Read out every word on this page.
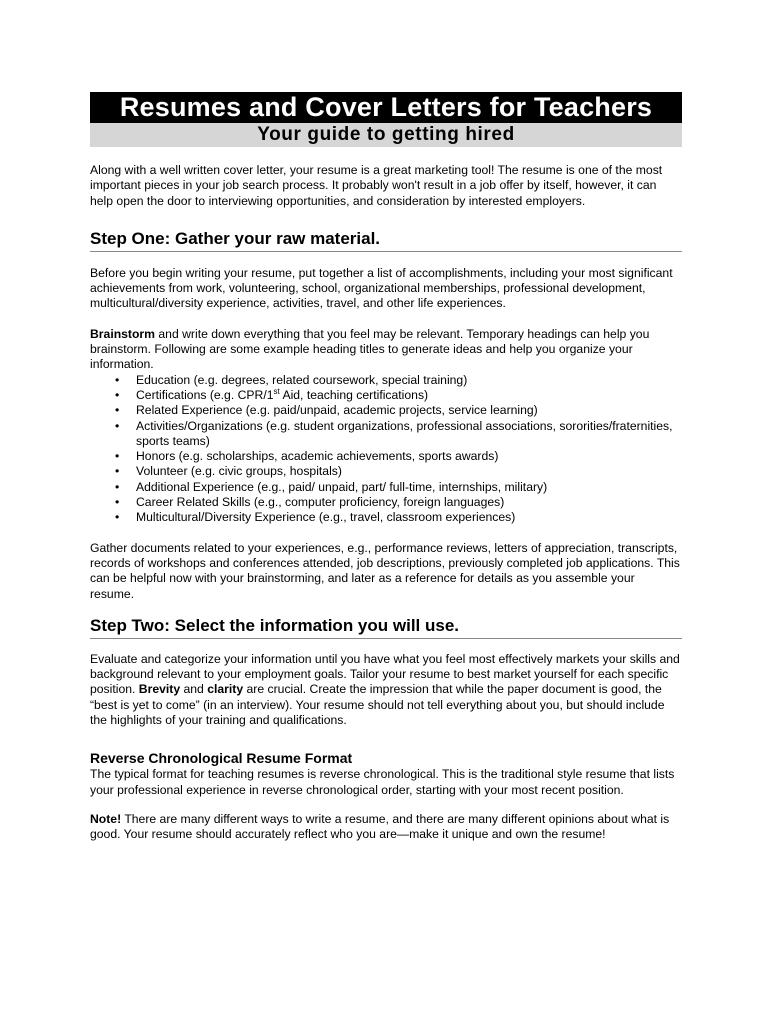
Resumes and Cover Letters for Teachers
Your guide to getting hired

Along with a well written cover letter, your resume is a great marketing tool! The resume is one of the most important pieces in your job search process. It probably won't result in a job offer by itself, however, it can help open the door to interviewing opportunities, and consideration by interested employers.

Step One: Gather your raw material.

Before you begin writing your resume, put together a list of accomplishments, including your most significant achievements from work, volunteering, school, organizational memberships, professional development, multicultural/diversity experience, activities, travel, and other life experiences.

Brainstorm and write down everything that you feel may be relevant. Temporary headings can help you brainstorm. Following are some example heading titles to generate ideas and help you organize your information.

• Education (e.g. degrees, related coursework, special training)
• Certifications (e.g. CPR/1st Aid, teaching certifications)
• Related Experience (e.g. paid/unpaid, academic projects, service learning)
• Activities/Organizations (e.g. student organizations, professional associations, sororities/fraternities, sports teams)
• Honors (e.g. scholarships, academic achievements, sports awards)
• Volunteer (e.g. civic groups, hospitals)
• Additional Experience (e.g., paid/ unpaid, part/ full-time, internships, military)
• Career Related Skills (e.g., computer proficiency, foreign languages)
• Multicultural/Diversity Experience (e.g., travel, classroom experiences)

Gather documents related to your experiences, e.g., performance reviews, letters of appreciation, transcripts, records of workshops and conferences attended, job descriptions, previously completed job applications. This can be helpful now with your brainstorming, and later as a reference for details as you assemble your resume.

Step Two: Select the information you will use.

Evaluate and categorize your information until you have what you feel most effectively markets your skills and background relevant to your employment goals. Tailor your resume to best market yourself for each specific position. Brevity and clarity are crucial. Create the impression that while the paper document is good, the “best is yet to come” (in an interview). Your resume should not tell everything about you, but should include the highlights of your training and qualifications.

Reverse Chronological Resume Format

The typical format for teaching resumes is reverse chronological. This is the traditional style resume that lists your professional experience in reverse chronological order, starting with your most recent position.

Note! There are many different ways to write a resume, and there are many different opinions about what is good. Your resume should accurately reflect who you are—make it unique and own the resume!
